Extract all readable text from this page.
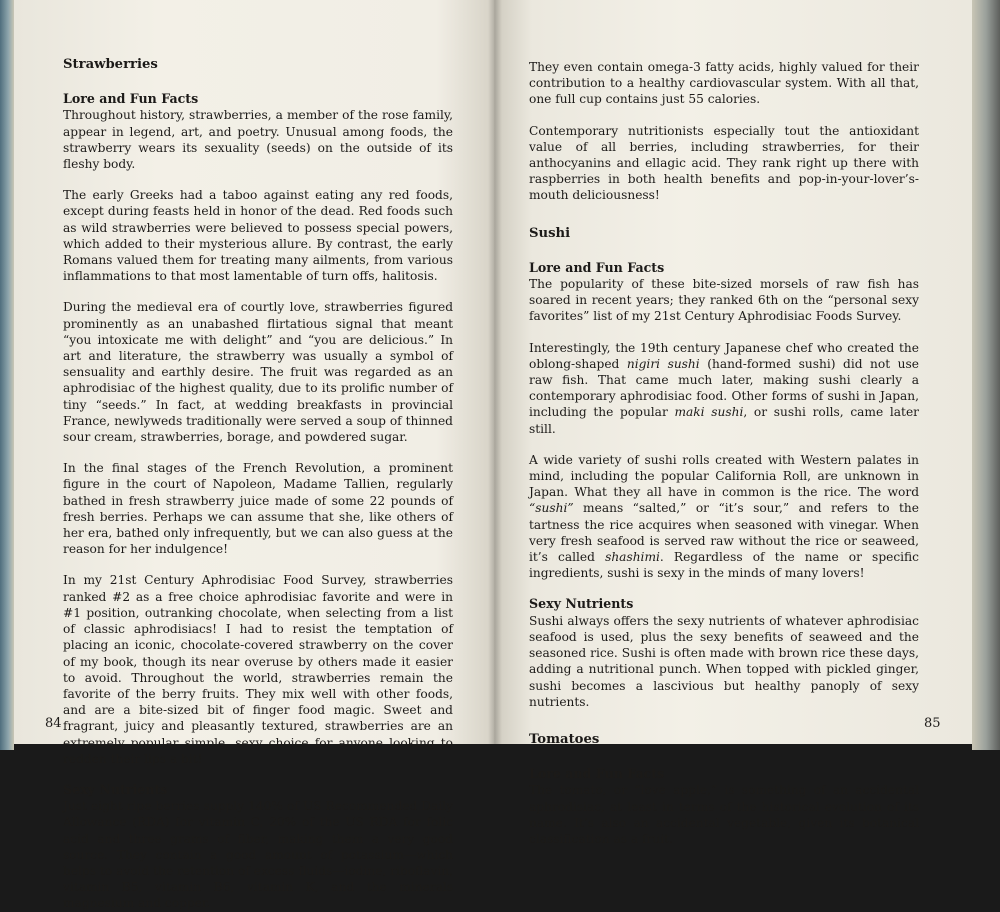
Strawberries
Lore and Fun Facts

Throughout history, strawberries, a member of the rose family, appear in legend, art, and poetry. Unusual among foods, the strawberry wears its sexuality (seeds) on the outside of its fleshy body.

The early Greeks had a taboo against eating any red foods, except during feasts held in honor of the dead. Red foods such as wild strawberries were believed to possess special powers, which added to their mysterious allure. By contrast, the early Romans valued them for treating many ailments, from various inflammations to that most lamentable of turn offs, halitosis.

During the medieval era of courtly love, strawberries figured prominently as an unabashed flirtatious signal that meant “you intoxicate me with delight” and “you are delicious.” In art and literature, the strawberry was usually a symbol of sensuality and earthly desire. The fruit was regarded as an aphrodisiac of the highest quality, due to its prolific number of tiny “seeds.” In fact, at wedding breakfasts in provincial France, newlyweds traditionally were served a soup of thinned sour cream, strawberries, borage, and powdered sugar.

In the final stages of the French Revolution, a prominent figure in the court of Napoleon, Madame Tallien, regularly bathed in fresh strawberry juice made of some 22 pounds of fresh berries. Perhaps we can assume that she, like others of her era, bathed only infrequently, but we can also guess at the reason for her indulgence!

In my 21st Century Aphrodisiac Food Survey, strawberries ranked #2 as a free choice aphrodisiac favorite and were in #1 position, outranking chocolate, when selecting from a list of classic aphrodisiacs! I had to resist the temptation of placing an iconic, chocolate-covered strawberry on the cover of my book, though its near overuse by others made it easier to avoid. Throughout the world, strawberries remain the favorite of the berry fruits. They mix well with other foods, and are a bite-sized bit of finger food magic. Sweet and fragrant, juicy and pleasantly textured, strawberries are an extremely popular simple, sexy choice for anyone looking to redden their lips a bit!

Sexy Nutrients

Just eight ripe berries supply 140% of US Recommended Daily Allowance (RDA) for vitamin C, 20% of the US RDA for folic acid and three grams of fiber, making them a very good source. They contain a good amount of potassium—which helps to avoid the retention of excess fluids—iodine, riboflavin, vitamin B5, vitamin B6, vitamin K, and the minerals magnesium and copper.

84

They even contain omega-3 fatty acids, highly valued for their contribution to a healthy cardiovascular system. With all that, one full cup contains just 55 calories.

Contemporary nutritionists especially tout the antioxidant value of all berries, including strawberries, for their anthocyanins and ellagic acid. They rank right up there with raspberries in both health benefits and pop-in-your-lover’s-mouth deliciousness!

Sushi
Lore and Fun Facts

The popularity of these bite-sized morsels of raw fish has soared in recent years; they ranked 6th on the “personal sexy favorites” list of my 21st Century Aphrodisiac Foods Survey.

Interestingly, the 19th century Japanese chef who created the oblong-shaped nigiri sushi (hand-formed sushi) did not use raw fish. That came much later, making sushi clearly a contemporary aphrodisiac food. Other forms of sushi in Japan, including the popular maki sushi, or sushi rolls, came later still.

A wide variety of sushi rolls created with Western palates in mind, including the popular California Roll, are unknown in Japan. What they all have in common is the rice. The word “sushi” means “salted,” or “it’s sour,” and refers to the tartness the rice acquires when seasoned with vinegar. When very fresh seafood is served raw without the rice or seaweed, it’s called shashimi. Regardless of the name or specific ingredients, sushi is sexy in the minds of many lovers!

Sexy Nutrients

Sushi always offers the sexy nutrients of whatever aphrodisiac seafood is used, plus the sexy benefits of seaweed and the seasoned rice. Sushi is often made with brown rice these days, adding a nutritional punch. When topped with pickled ginger, sushi becomes a lascivious but healthy panoply of sexy nutrients.

Tomatoes
Lore and Fun Facts

The tomato, or “love apple,” is something of an accidental aphrodisiac, at least in terms of the historical evolution of its name. It’s also an accidental vegetable, given its botanical classification as a fruit.

85
